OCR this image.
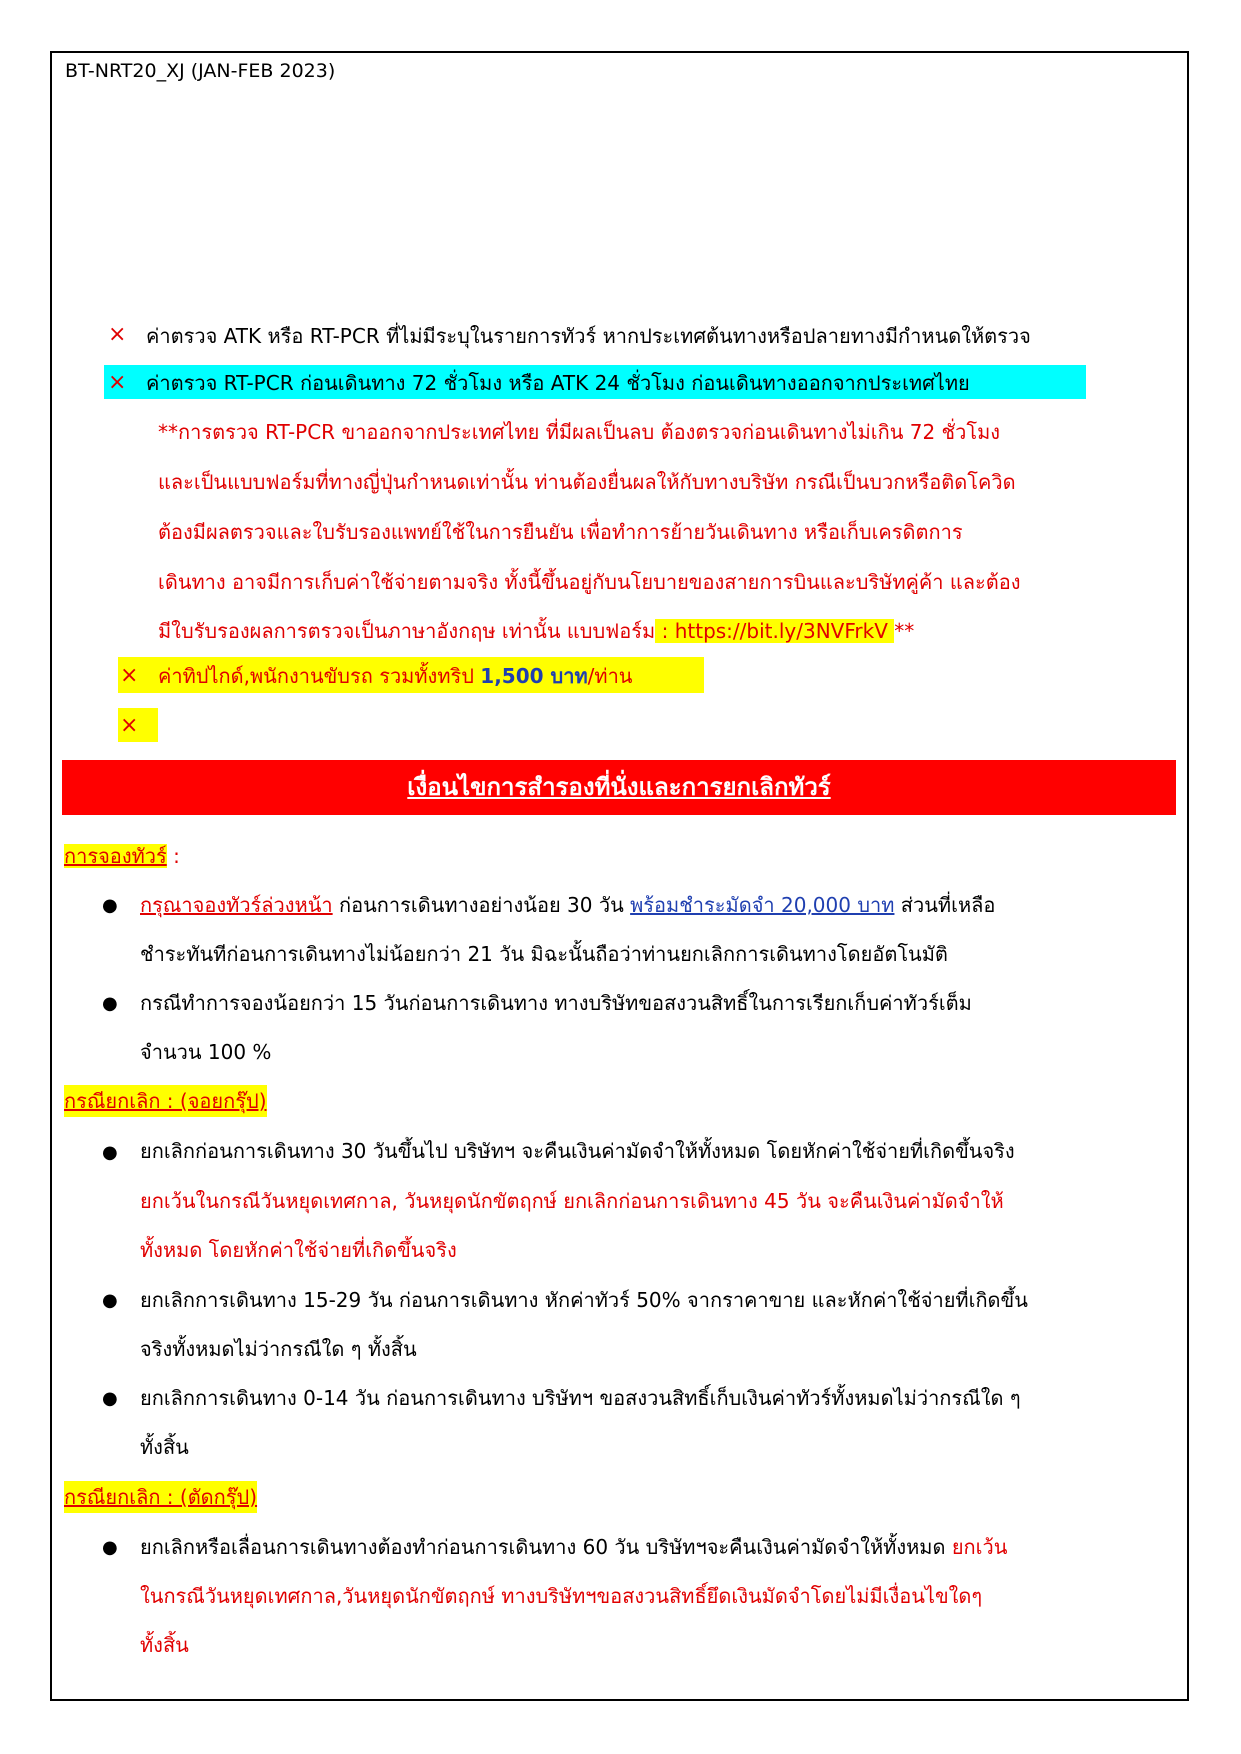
BT-NRT20_XJ (JAN-FEB 2023)
× ค่าตรวจ ATK หรือ RT-PCR ที่ไม่มีระบุในรายการทัวร์ หากประเทศต้นทางหรือปลายทางมีกำหนดให้ตรวจ
× ค่าตรวจ RT-PCR ก่อนเดินทาง 72 ชั่วโมง หรือ ATK 24 ชั่วโมง ก่อนเดินทางออกจากประเทศไทย
**การตรวจ RT-PCR ขาออกจากประเทศไทย ที่มีผลเป็นลบ ต้องตรวจก่อนเดินทางไม่เกิน 72 ชั่วโมง
และเป็นแบบฟอร์มที่ทางญี่ปุ่นกำหนดเท่านั้น ท่านต้องยื่นผลให้กับทางบริษัท กรณีเป็นบวกหรือติดโควิด
ต้องมีผลตรวจและใบรับรองแพทย์ใช้ในการยืนยัน เพื่อทำการย้ายวันเดินทาง หรือเก็บเครดิตการ
เดินทาง อาจมีการเก็บค่าใช้จ่ายตามจริง ทั้งนี้ขึ้นอยู่กับนโยบายของสายการบินและบริษัทคู่ค้า และต้อง
มีใบรับรองผลการตรวจเป็นภาษาอังกฤษ เท่านั้น แบบฟอร์ม : https://bit.ly/3NVFrkV **
× ค่าทิปไกด์,พนักงานขับรถ รวมทั้งทริป 1,500 บาท/ท่าน
×
เงื่อนไขการสำรองที่นั่งและการยกเลิกทัวร์
การจองทัวร์ :
● กรุณาจองทัวร์ล่วงหน้า ก่อนการเดินทางอย่างน้อย 30 วัน พร้อมชำระมัดจำ 20,000 บาท ส่วนที่เหลือ
ชำระทันทีก่อนการเดินทางไม่น้อยกว่า 21 วัน มิฉะนั้นถือว่าท่านยกเลิกการเดินทางโดยอัตโนมัติ
● กรณีทำการจองน้อยกว่า 15 วันก่อนการเดินทาง ทางบริษัทขอสงวนสิทธิ์ในการเรียกเก็บค่าทัวร์เต็ม
จำนวน 100 %
กรณียกเลิก : (จอยกรุ๊ป)
● ยกเลิกก่อนการเดินทาง 30 วันขึ้นไป บริษัทฯ จะคืนเงินค่ามัดจำให้ทั้งหมด โดยหักค่าใช้จ่ายที่เกิดขึ้นจริง
ยกเว้นในกรณีวันหยุดเทศกาล, วันหยุดนักขัตฤกษ์ ยกเลิกก่อนการเดินทาง 45 วัน จะคืนเงินค่ามัดจำให้
ทั้งหมด โดยหักค่าใช้จ่ายที่เกิดขึ้นจริง
● ยกเลิกการเดินทาง 15-29 วัน ก่อนการเดินทาง หักค่าทัวร์ 50% จากราคาขาย และหักค่าใช้จ่ายที่เกิดขึ้น
จริงทั้งหมดไม่ว่ากรณีใด ๆ ทั้งสิ้น
● ยกเลิกการเดินทาง 0-14 วัน ก่อนการเดินทาง บริษัทฯ ขอสงวนสิทธิ์เก็บเงินค่าทัวร์ทั้งหมดไม่ว่ากรณีใด ๆ
ทั้งสิ้น
กรณียกเลิก : (ตัดกรุ๊ป)
● ยกเลิกหรือเลื่อนการเดินทางต้องทำก่อนการเดินทาง 60 วัน บริษัทฯจะคืนเงินค่ามัดจำให้ทั้งหมด ยกเว้น
ในกรณีวันหยุดเทศกาล,วันหยุดนักขัตฤกษ์ ทางบริษัทฯขอสงวนสิทธิ์ยึดเงินมัดจำโดยไม่มีเงื่อนไขใดๆ
ทั้งสิ้น
